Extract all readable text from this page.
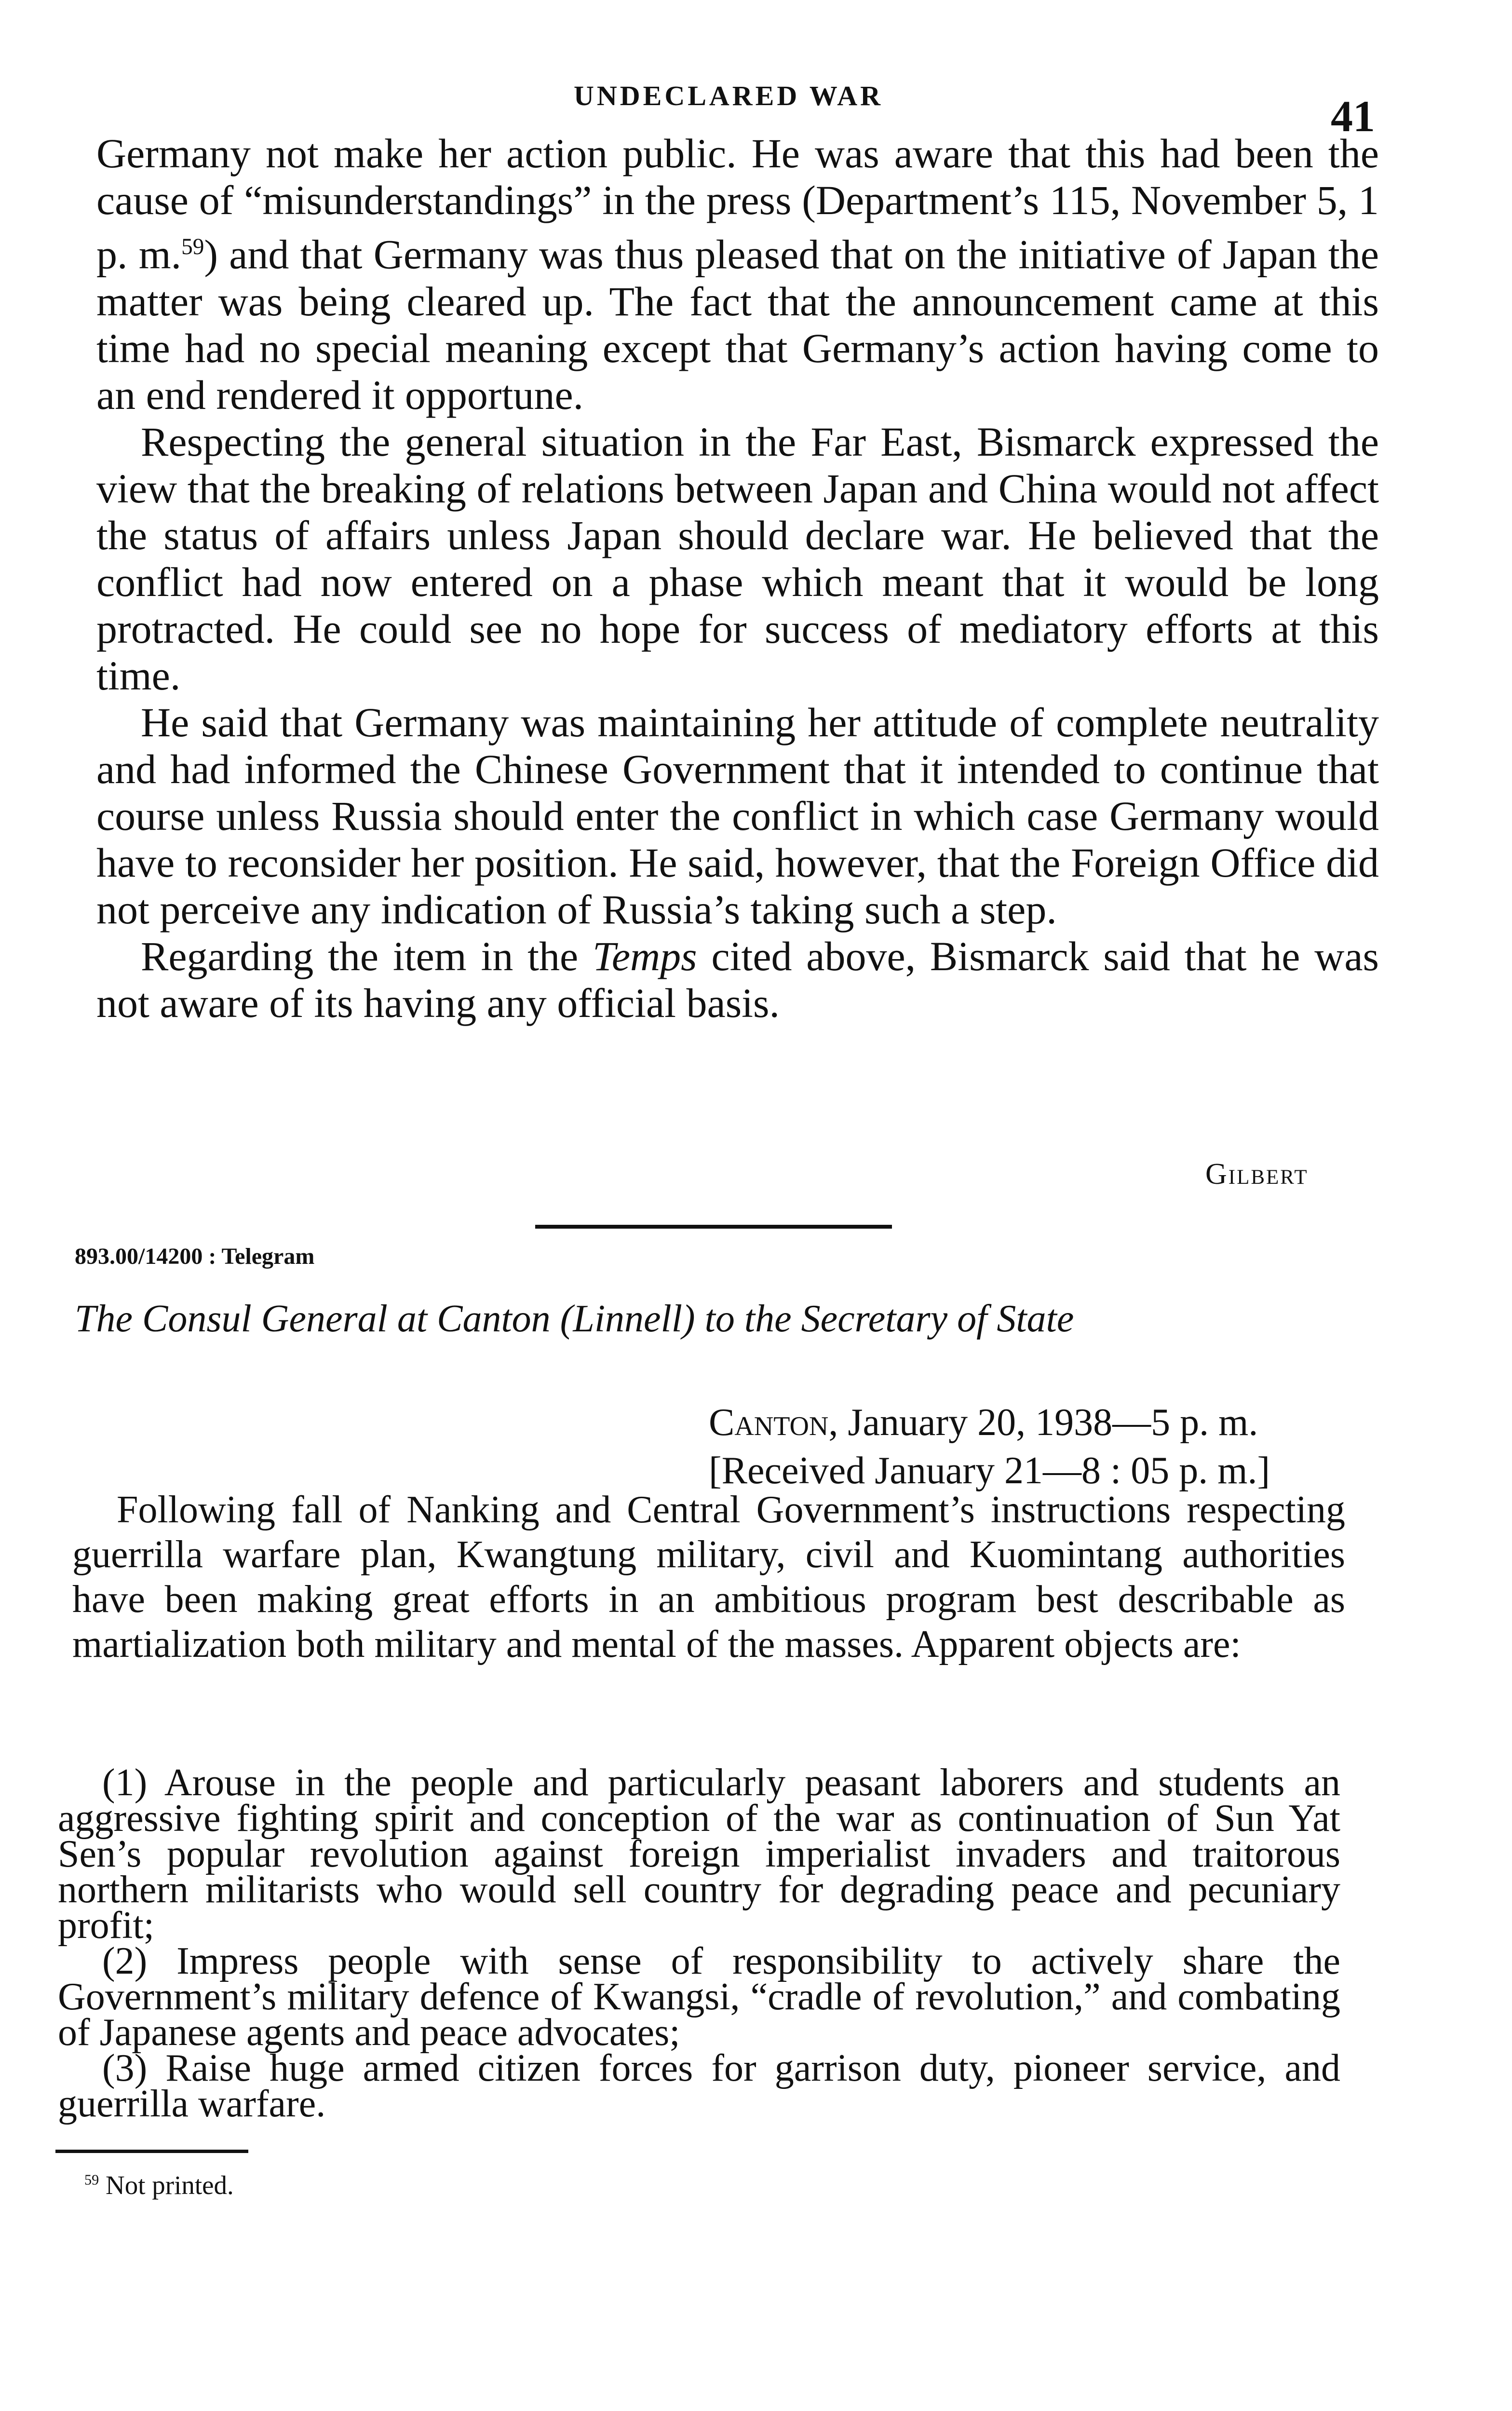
UNDECLARED WAR	41

Germany not make her action public. He was aware that this had been the cause of “misunderstandings” in the press (Department’s 115, November 5, 1 p. m.$^{59}$) and that Germany was thus pleased that on the initiative of Japan the matter was being cleared up. The fact that the announcement came at this time had no special meaning except that Germany’s action having come to an end rendered it opportune.

Respecting the general situation in the Far East, Bismarck expressed the view that the breaking of relations between Japan and China would not affect the status of affairs unless Japan should declare war. He believed that the conflict had now entered on a phase which meant that it would be long protracted. He could see no hope for success of mediatory efforts at this time.

He said that Germany was maintaining her attitude of complete neutrality and had informed the Chinese Government that it intended to continue that course unless Russia should enter the conflict in which case Germany would have to reconsider her position. He said, however, that the Foreign Office did not perceive any indication of Russia’s taking such a step.

Regarding the item in the Temps cited above, Bismarck said that he was not aware of its having any official basis.

Gilbert
893.00/14200 : Telegram
The Consul General at Canton (Linnell) to the Secretary of State
Canton, January 20, 1938—5 p. m.
[Received January 21—8 : 05 p. m.]

Following fall of Nanking and Central Government’s instructions respecting guerrilla warfare plan, Kwangtung military, civil and Kuomintang authorities have been making great efforts in an ambitious program best describable as martialization both military and mental of the masses. Apparent objects are:

(1) Arouse in the people and particularly peasant laborers and students an aggressive fighting spirit and conception of the war as continuation of Sun Yat Sen’s popular revolution against foreign imperialist invaders and traitorous northern militarists who would sell country for degrading peace and pecuniary profit;

(2) Impress people with sense of responsibility to actively share the Government’s military defence of Kwangsi, “cradle of revolution,” and combating of Japanese agents and peace advocates;

(3) Raise huge armed citizen forces for garrison duty, pioneer service, and guerrilla warfare.

$^{59}$ Not printed.
